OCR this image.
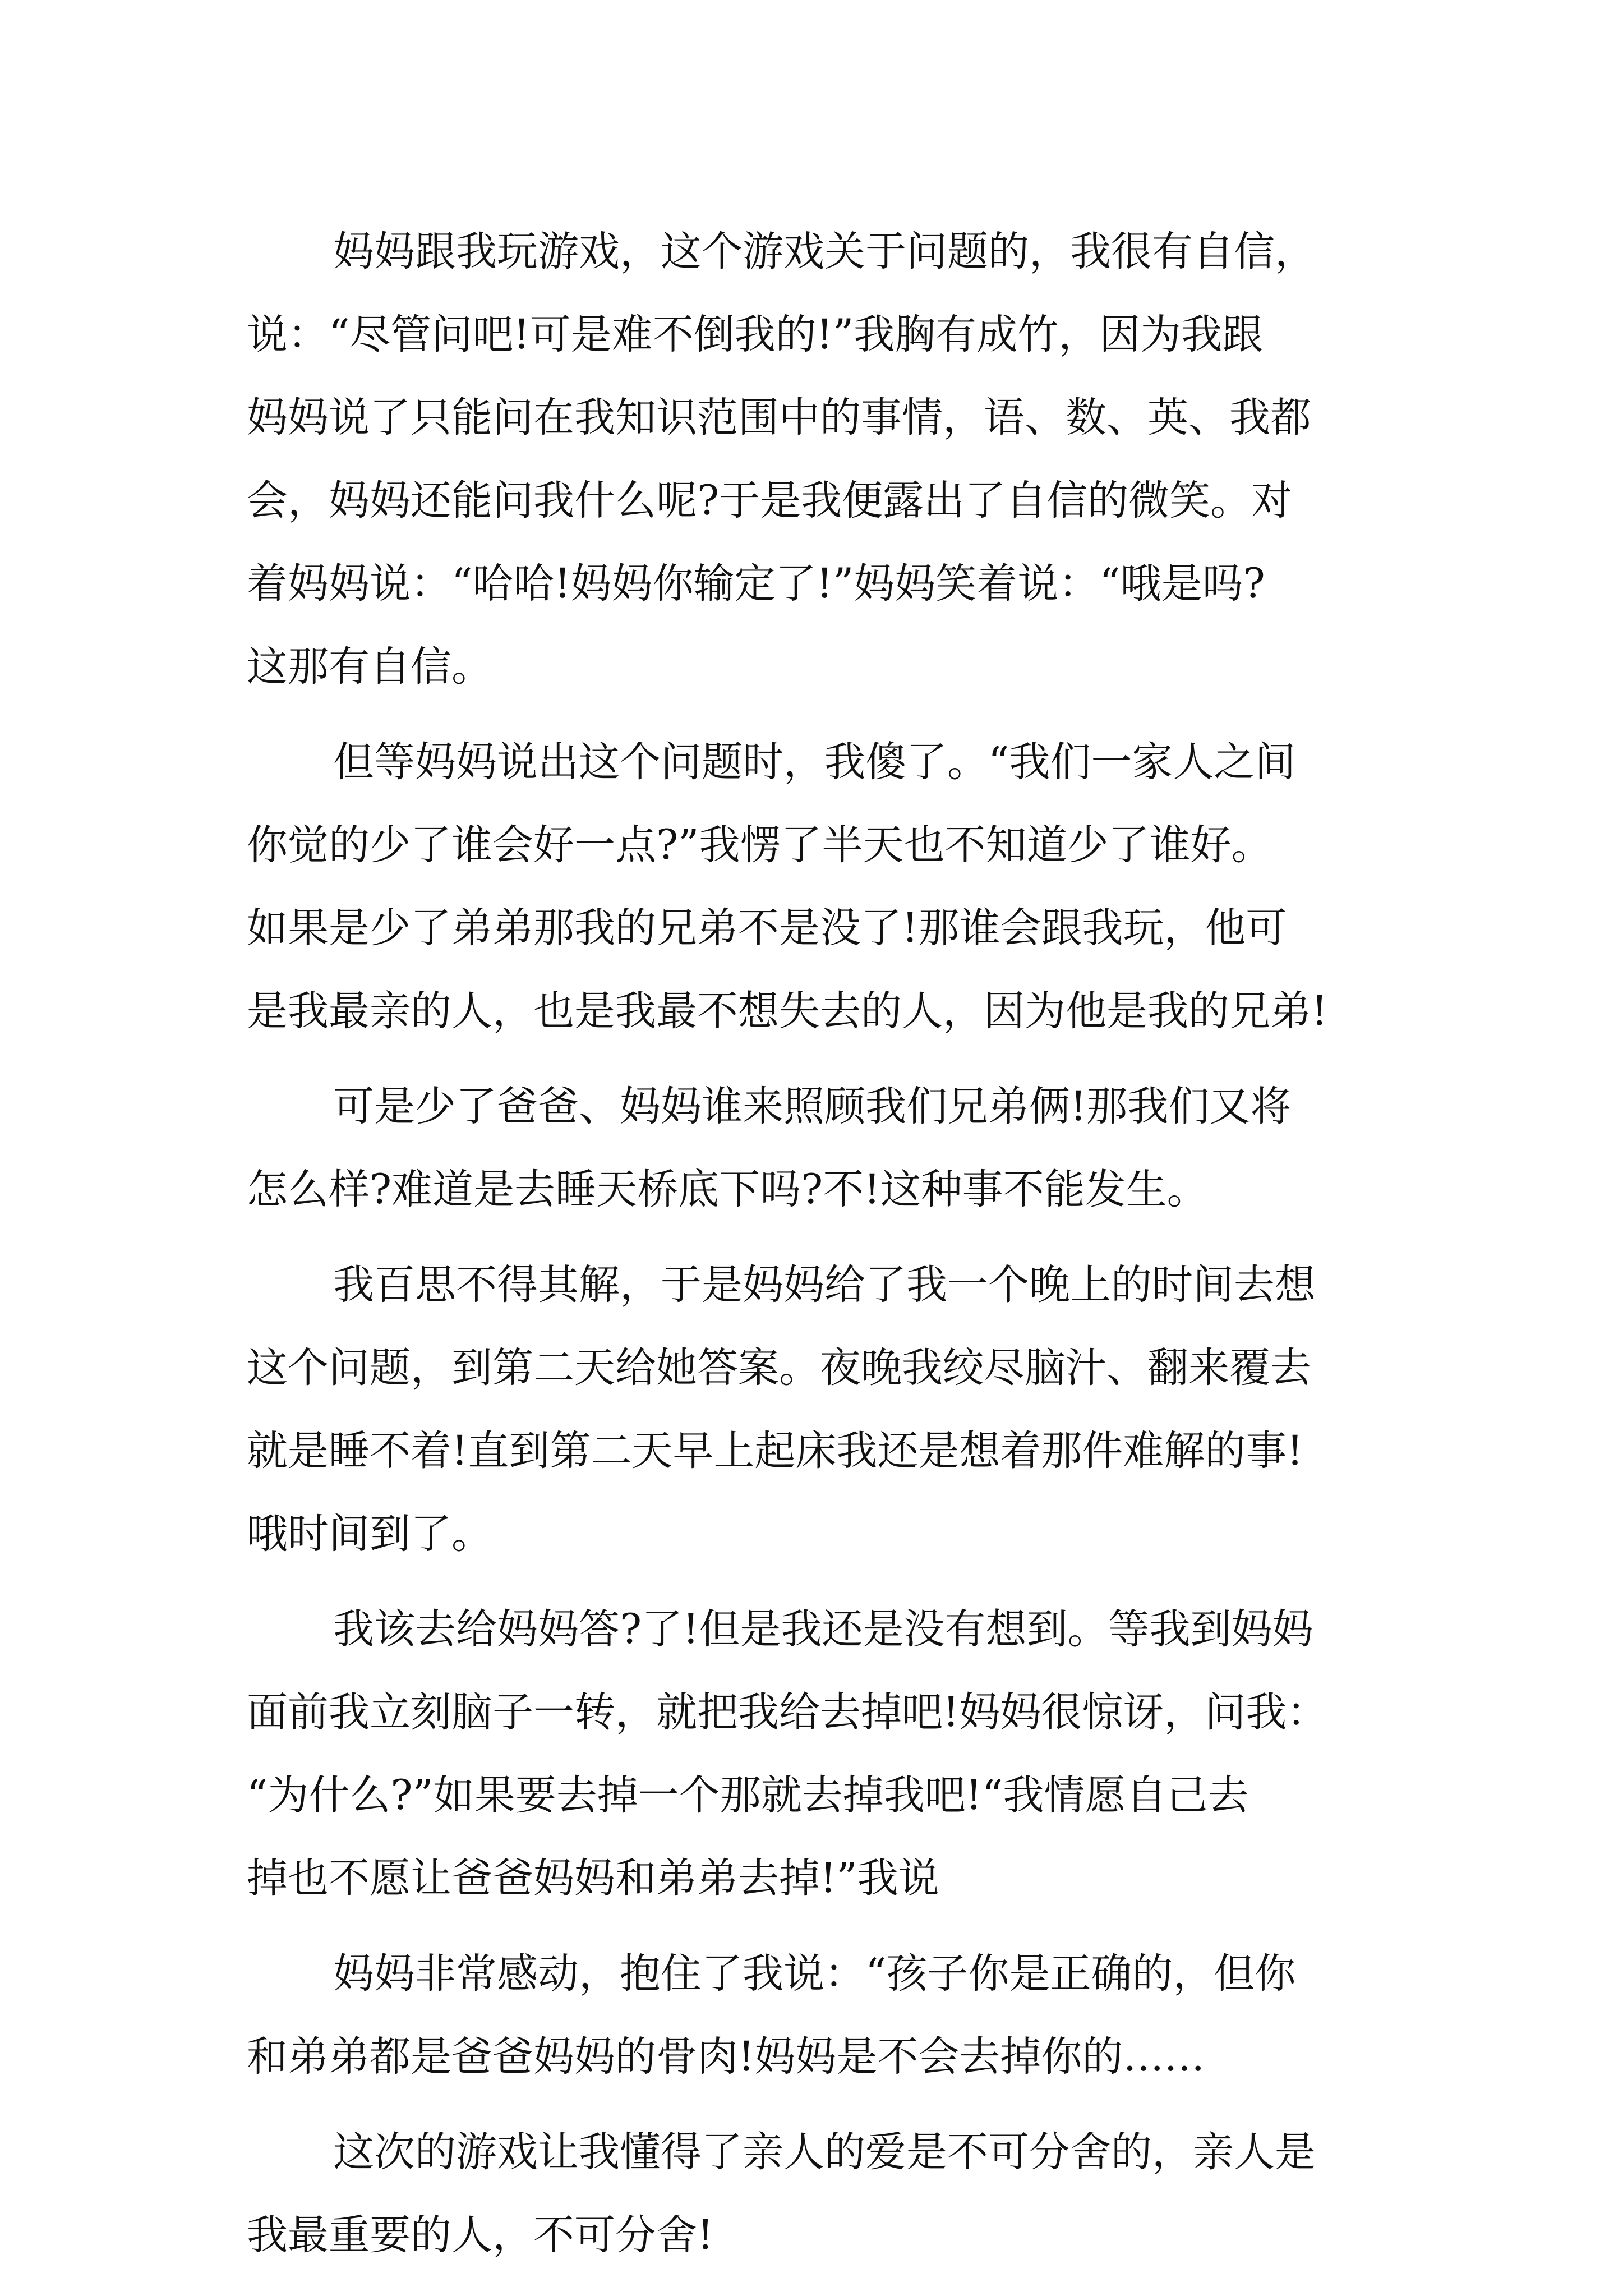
妈妈跟我玩游戏，这个游戏关于问题的，我很有自信，
说：“尽管问吧!可是难不倒我的!”我胸有成竹，因为我跟
妈妈说了只能问在我知识范围中的事情，语、数、英、我都
会，妈妈还能问我什么呢?于是我便露出了自信的微笑。对
着妈妈说：“哈哈!妈妈你输定了!”妈妈笑着说：“哦是吗?
这那有自信。

但等妈妈说出这个问题时，我傻了。“我们一家人之间
你觉的少了谁会好一点?”我愣了半天也不知道少了谁好。
如果是少了弟弟那我的兄弟不是没了!那谁会跟我玩，他可
是我最亲的人，也是我最不想失去的人，因为他是我的兄弟!

可是少了爸爸、妈妈谁来照顾我们兄弟俩!那我们又将
怎么样?难道是去睡天桥底下吗?不!这种事不能发生。

我百思不得其解，于是妈妈给了我一个晚上的时间去想
这个问题，到第二天给她答案。夜晚我绞尽脑汁、翻来覆去
就是睡不着!直到第二天早上起床我还是想着那件难解的事!
哦时间到了。

我该去给妈妈答?了!但是我还是没有想到。等我到妈妈
面前我立刻脑子一转，就把我给去掉吧!妈妈很惊讶，问我：
“为什么?”如果要去掉一个那就去掉我吧!“我情愿自己去
掉也不愿让爸爸妈妈和弟弟去掉!”我说

妈妈非常感动，抱住了我说：“孩子你是正确的，但你
和弟弟都是爸爸妈妈的骨肉!妈妈是不会去掉你的……

这次的游戏让我懂得了亲人的爱是不可分舍的，亲人是
我最重要的人，不可分舍!
